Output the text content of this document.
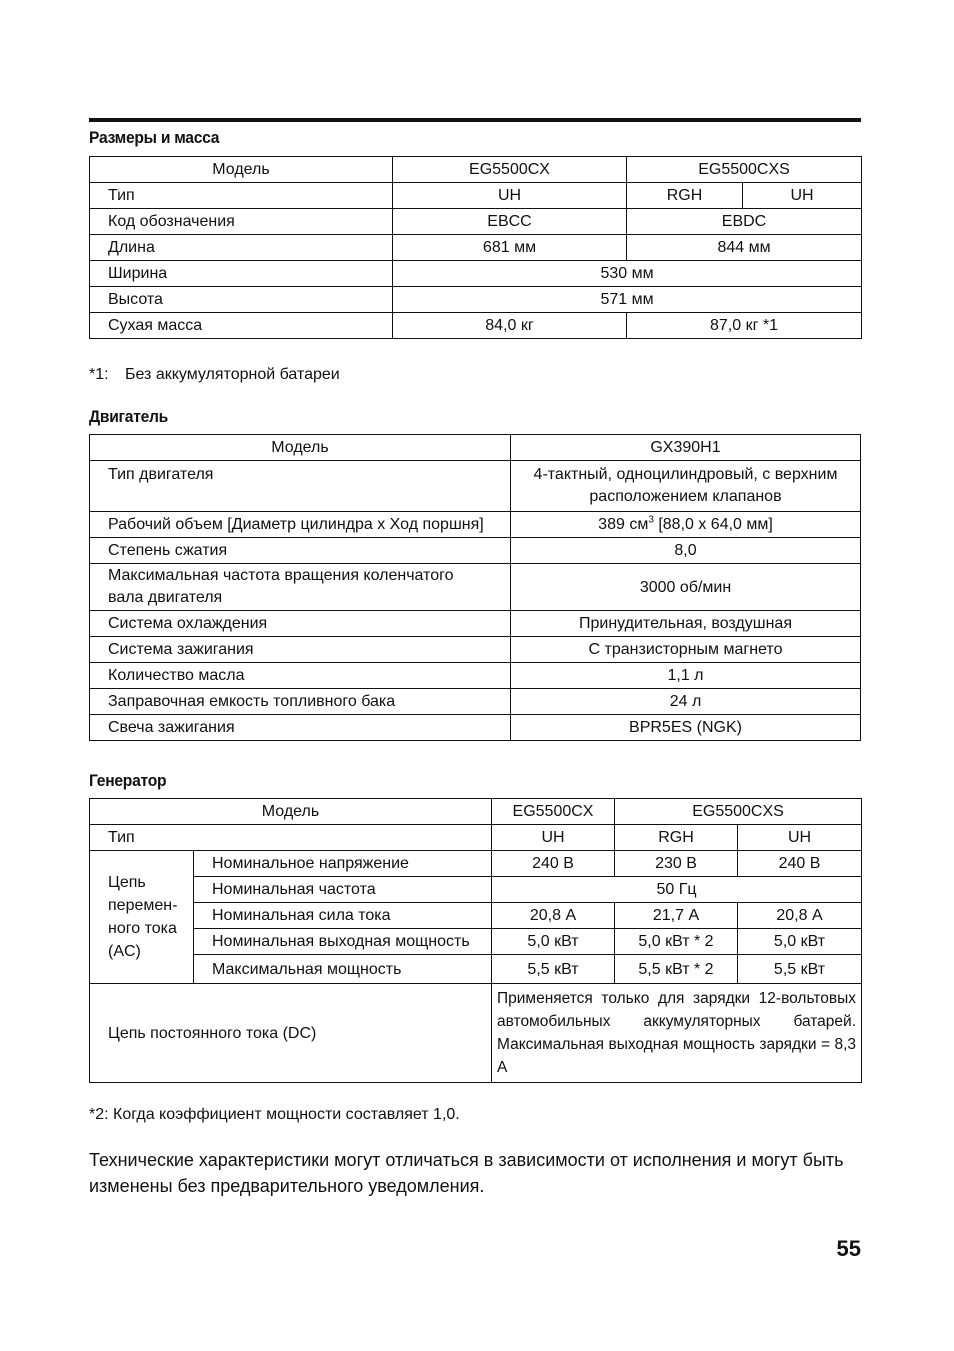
Размеры и масса
Модель	EG5500CX	EG5500CXS	
Тип	UH	RGH	UH
Код обозначения	EBCC	EBDC	
Длина	681 мм	844 мм	
Ширина	530 мм		
Высота	571 мм		
Сухая масса	84,0 кг	87,0 кг *1	
*1: Без аккумуляторной батареи
Двигатель
Модель	GX390H1
Тип двигателя	4-тактный, одноцилиндровый, с верхним расположением клапанов
Рабочий объем [Диаметр цилиндра x Ход поршня]	389 $см^3$ [88,0 x 64,0 мм]
Степень сжатия	8,0
Максимальная частота вращения коленчатого вала двигателя	3000 об/мин
Система охлаждения	Принудительная, воздушная
Система зажигания	С транзисторным магнето
Количество масла	1,1 л
Заправочная емкость топливного бака	24 л
Свеча зажигания	BPR5ES (NGK)
Генератор
Модель		EG5500CX	EG5500CXS	
Тип		UH	RGH	UH
Цепь перемен-ного тока (AC)	Номинальное напряжение	240 В	230 В	240 В
	Номинальная частота	50 Гц		
	Номинальная сила тока	20,8 А	21,7 А	20,8 А
	Номинальная выходная мощность	5,0 кВт	5,0 кВт * 2	5,0 кВт
	Максимальная мощность	5,5 кВт	5,5 кВт * 2	5,5 кВт
Цепь постоянного тока (DC)		Применяется только для зарядки 12-вольтовых автомобильных аккумуляторных батарей. Максимальная выходная мощность зарядки = 8,3 А		
*2: Когда коэффициент мощности составляет 1,0.
Технические характеристики могут отличаться в зависимости от исполнения и могут быть изменены без предварительного уведомления.
55
